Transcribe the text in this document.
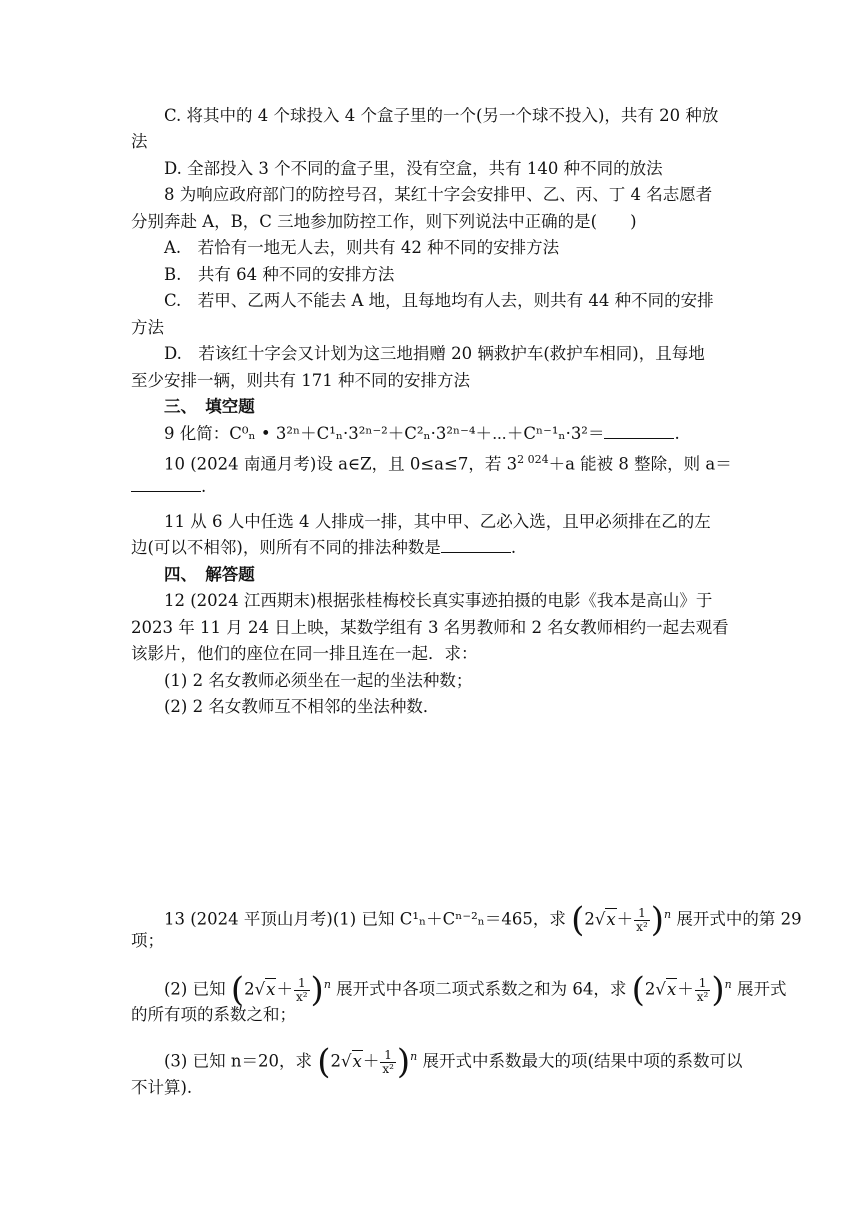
C. 将其中的 4 个球投入 4 个盒子里的一个(另一个球不投入)，共有 20 种放
法
D. 全部投入 3 个不同的盒子里，没有空盒，共有 140 种不同的放法
8 为响应政府部门的防控号召，某红十字会安排甲、乙、丙、丁 4 名志愿者
分别奔赴 A，B，C 三地参加防控工作，则下列说法中正确的是(　　)
A.　若恰有一地无人去，则共有 42 种不同的安排方法
B.　共有 64 种不同的安排方法
C.　若甲、乙两人不能去 A 地，且每地均有人去，则共有 44 种不同的安排
方法
D.　若该红十字会又计划为这三地捐赠 20 辆救护车(救护车相同)，且每地
至少安排一辆，则共有 171 种不同的安排方法
三、　填空题
9 化简：C⁰ₙ • 3²ⁿ＋C¹ₙ·3²ⁿ⁻²＋C²ₙ·3²ⁿ⁻⁴＋⋯＋Cⁿ⁻¹ₙ·3²＝	.
10 (2024 南通月考)设 a∈Z，且 0≤a≤7，若 $3^{2 024}+a$ 能被 8 整除，则 a＝
.
11 从 6 人中任选 4 人排成一排，其中甲、乙必入选，且甲必须排在乙的左
边(可以不相邻)，则所有不同的排法种数是	.
四、　解答题
12 (2024 江西期末)根据张桂梅校长真实事迹拍摄的电影《我本是高山》于
2023 年 11 月 24 日上映，某数学组有 3 名男教师和 2 名女教师相约一起去观看
该影片，他们的座位在同一排且连在一起．求：
(1) 2 名女教师必须坐在一起的坐法种数；
(2) 2 名女教师互不相邻的坐法种数．
13 (2024 平顶山月考)(1) 已知 C¹ₙ＋Cⁿ⁻²ₙ＝465，求 $(2√x+ \frac{1}{\text{x²}} )^n$ 展开式中的第 29
项；
(2) 已知 $(2√x+ \frac{1}{\text{x²}} )^n$ 展开式中各项二项式系数之和为 64，求 $(2√x+ \frac{1}{\text{x²}} )^n$ 展开式
的所有项的系数之和；
(3) 已知 n＝20，求 $(2√x+ \frac{1}{\text{x²}} )^n$ 展开式中系数最大的项(结果中项的系数可以
不计算).
